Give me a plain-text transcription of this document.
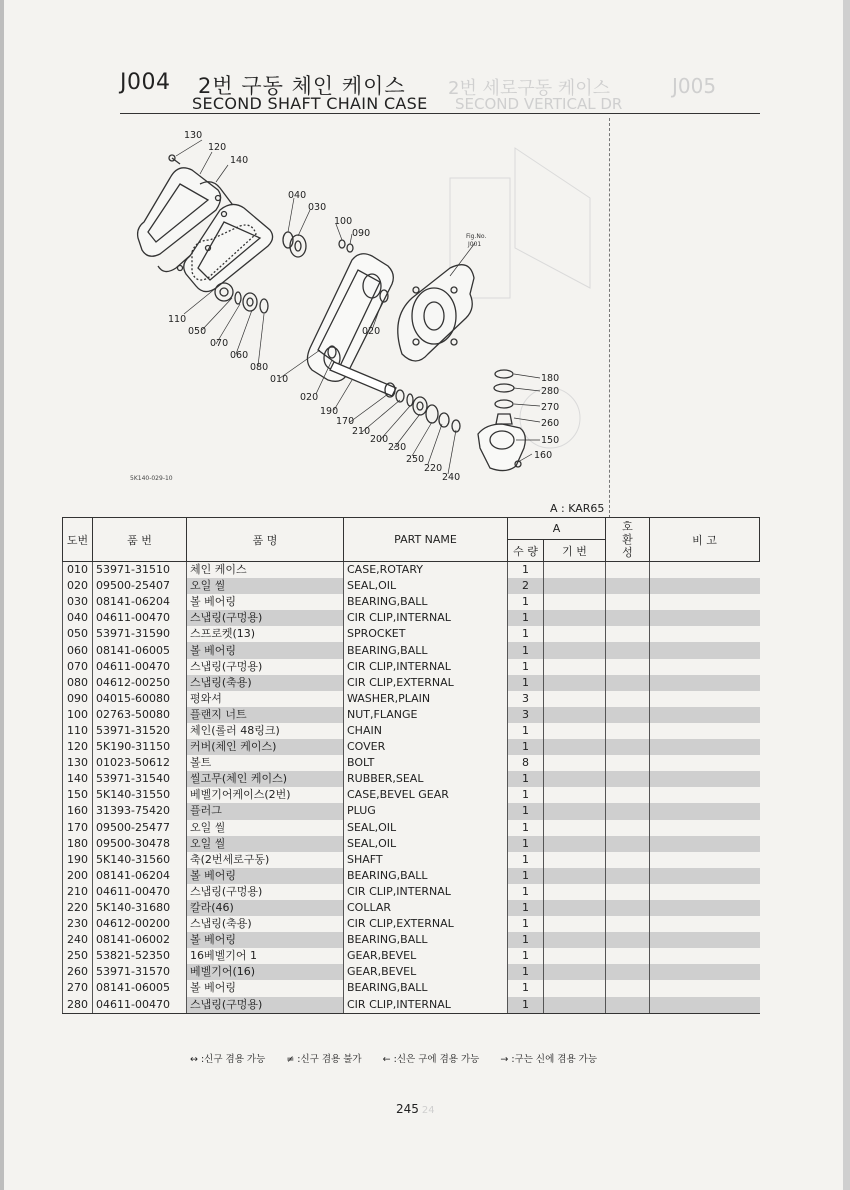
J005
2번 세로구동 케이스
SECOND VERTICAL DR
J004 2번 구동 체인 케이스
SECOND SHAFT CHAIN CASE
130
120
140
040
030
100
090
110
050
070
060
080
010
020
020
190
170
210
200
230
250
220
240
180
280
270
260
150
160
Fig.No.
J001
5K140-029-10
A : KAR65
도번	품 번	품 명	PART NAME	A		호
환
성	비 고
				수 량	기 번		
010	53971-31510	체인 케이스	CASE,ROTARY	1			
020	09500-25407	오일 씰	SEAL,OIL	2			
030	08141-06204	볼 베어링	BEARING,BALL	1			
040	04611-00470	스냅링(구멍용)	CIR CLIP,INTERNAL	1			
050	53971-31590	스프로켓(13)	SPROCKET	1			
060	08141-06005	볼 베어링	BEARING,BALL	1			
070	04611-00470	스냅링(구멍용)	CIR CLIP,INTERNAL	1			
080	04612-00250	스냅링(축용)	CIR CLIP,EXTERNAL	1			
090	04015-60080	평와셔	WASHER,PLAIN	3			
100	02763-50080	플랜지 너트	NUT,FLANGE	3			
110	53971-31520	체인(롤러 48링크)	CHAIN	1			
120	5K190-31150	커버(체인 케이스)	COVER	1			
130	01023-50612	볼트	BOLT	8			
140	53971-31540	씰고무(체인 케이스)	RUBBER,SEAL	1			
150	5K140-31550	베벨기어케이스(2번)	CASE,BEVEL GEAR	1			
160	31393-75420	플러그	PLUG	1			
170	09500-25477	오일 씰	SEAL,OIL	1			
180	09500-30478	오일 씰	SEAL,OIL	1			
190	5K140-31560	축(2번세로구동)	SHAFT	1			
200	08141-06204	볼 베어링	BEARING,BALL	1			
210	04611-00470	스냅링(구멍용)	CIR CLIP,INTERNAL	1			
220	5K140-31680	칼라(46)	COLLAR	1			
230	04612-00200	스냅링(축용)	CIR CLIP,EXTERNAL	1			
240	08141-06002	볼 베어링	BEARING,BALL	1			
250	53821-52350	16베벨기어 1	GEAR,BEVEL	1			
260	53971-31570	베벨기어(16)	GEAR,BEVEL	1			
270	08141-06005	볼 베어링	BEARING,BALL	1			
280	04611-00470	스냅링(구멍용)	CIR CLIP,INTERNAL	1			
↔ :신구 겸용 가능 ≠ :신구 겸용 불가 ← :신은 구에 겸용 가능 → :구는 신에 겸용 가능
245 24
